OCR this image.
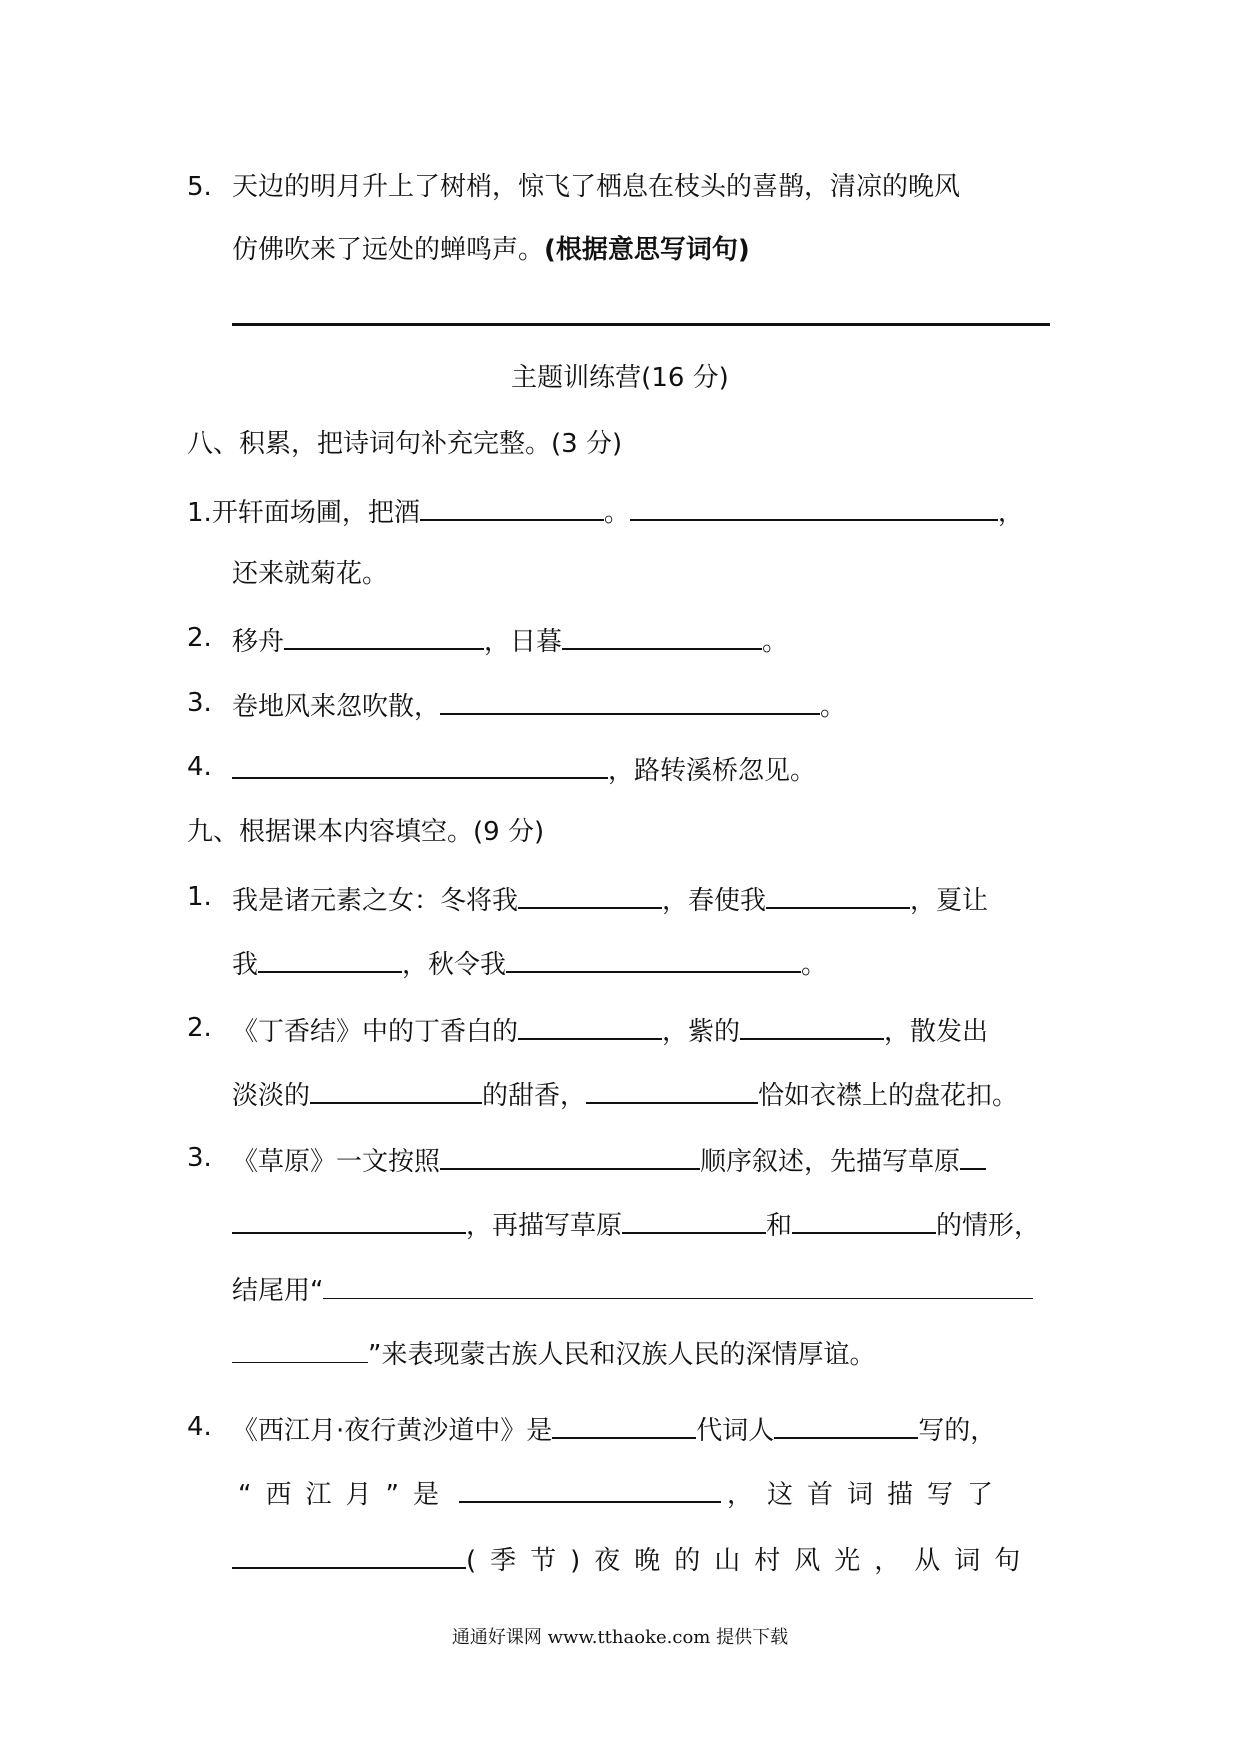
5. 天边的明月升上了树梢，惊飞了栖息在枝头的喜鹊，清凉的晚风
仿佛吹来了远处的蝉鸣声。(根据意思写词句)
主题训练营(16 分)
八、积累，把诗词句补充完整。(3 分)
1.开轩面场圃，把酒	。	，
还来就菊花。
2. 移舟	，日暮	。
3. 卷地风来忽吹散，	。
4.	，路转溪桥忽见。
九、根据课本内容填空。(9 分)
1. 我是诸元素之女：冬将我	，春使我	，夏让
我	，秋令我	。
2. 《丁香结》中的丁香白的	，紫的	，散发出
淡淡的	的甜香，	恰如衣襟上的盘花扣。
3. 《草原》一文按照	顺序叙述，先描写草原
，再描写草原	和	的情形，
结尾用“
”来表现蒙古族人民和汉族人民的深情厚谊。
4. 《西江月·夜行黄沙道中》是	代词人	写的，
“西江月”是	，这首词描写了
(季节)夜晚的山村风光，从词句
通通好课网 www.tthaoke.com 提供下载
